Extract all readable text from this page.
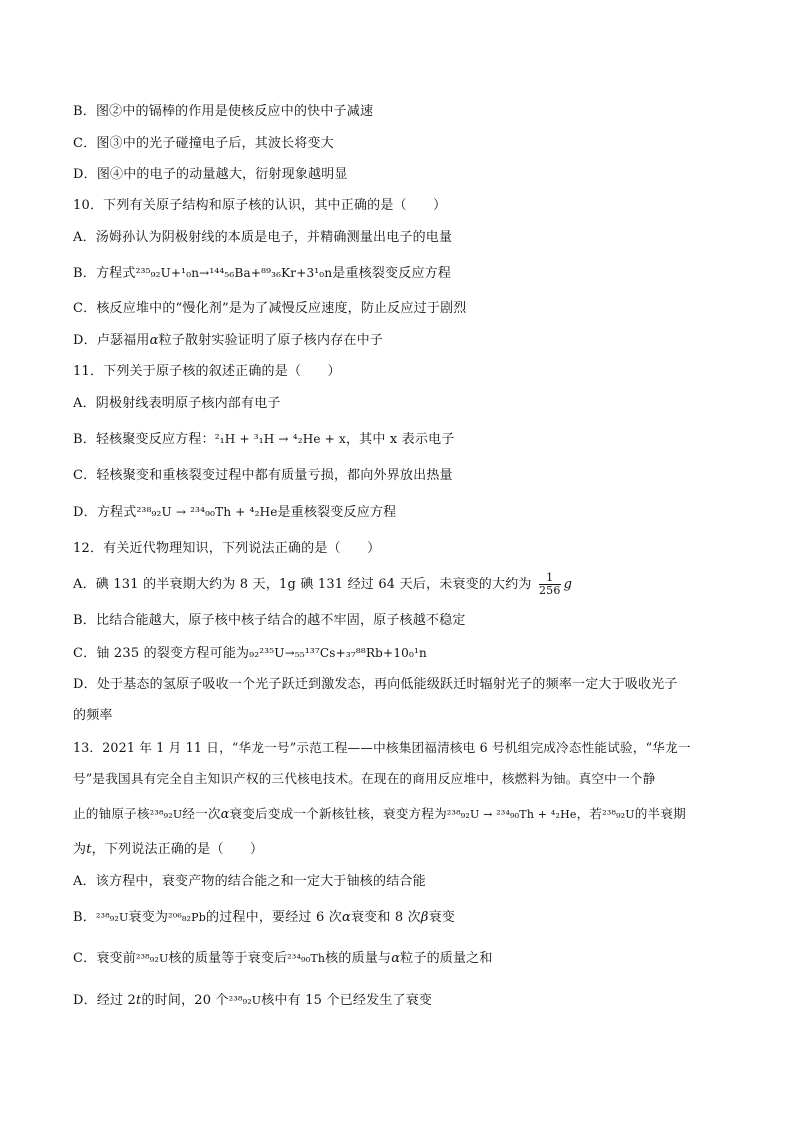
B．图②中的镉棒的作用是使核反应中的快中子减速
C．图③中的光子碰撞电子后，其波长将变大
D．图④中的电子的动量越大，衍射现象越明显
10．下列有关原子结构和原子核的认识，其中正确的是（　　）
A．汤姆孙认为阴极射线的本质是电子，并精确测量出电子的电量
B．方程式²³⁵₉₂U+¹₀n→¹⁴⁴₅₆Ba+⁸⁹₃₆Kr+3¹₀n是重核裂变反应方程
C．核反应堆中的“慢化剂”是为了减慢反应速度，防止反应过于剧烈
D．卢瑟福用α粒子散射实验证明了原子核内存在中子
11．下列关于原子核的叙述正确的是（　　）
A．阴极射线表明原子核内部有电子
B．轻核聚变反应方程：²₁H + ³₁H → ⁴₂He + x，其中 x 表示电子
C．轻核聚变和重核裂变过程中都有质量亏损，都向外界放出热量
D．方程式²³⁸₉₂U → ²³⁴₉₀Th + ⁴₂He是重核裂变反应方程
12．有关近代物理知识，下列说法正确的是（　　）
A．碘 131 的半衰期大约为 8 天，1g 碘 131 经过 64 天后，未衰变的大约为 $\frac{1}{256}$ g
B．比结合能越大，原子核中核子结合的越不牢固，原子核越不稳定
C．铀 235 的裂变方程可能为₉₂²³⁵U→₅₅¹³⁷Cs+₃₇⁸⁸Rb+10₀¹n
D．处于基态的氢原子吸收一个光子跃迁到激发态，再向低能级跃迁时辐射光子的频率一定大于吸收光子
的频率
13．2021 年 1 月 11 日，“华龙一号”示范工程——中核集团福清核电 6 号机组完成冷态性能试验，“华龙一
号”是我国具有完全自主知识产权的三代核电技术。在现在的商用反应堆中，核燃料为铀。真空中一个静
止的铀原子核²³⁸₉₂U经一次α衰变后变成一个新核钍核，衰变方程为²³⁸₉₂U → ²³⁴₉₀Th + ⁴₂He，若²³⁸₉₂U的半衰期
为t，下列说法正确的是（　　）
A．该方程中，衰变产物的结合能之和一定大于铀核的结合能
B．²³⁸₉₂U衰变为²⁰⁶₈₂Pb的过程中，要经过 6 次α衰变和 8 次β衰变
C．衰变前²³⁸₉₂U核的质量等于衰变后²³⁴₉₀Th核的质量与α粒子的质量之和
D．经过 2t的时间，20 个²³⁸₉₂U核中有 15 个已经发生了衰变
